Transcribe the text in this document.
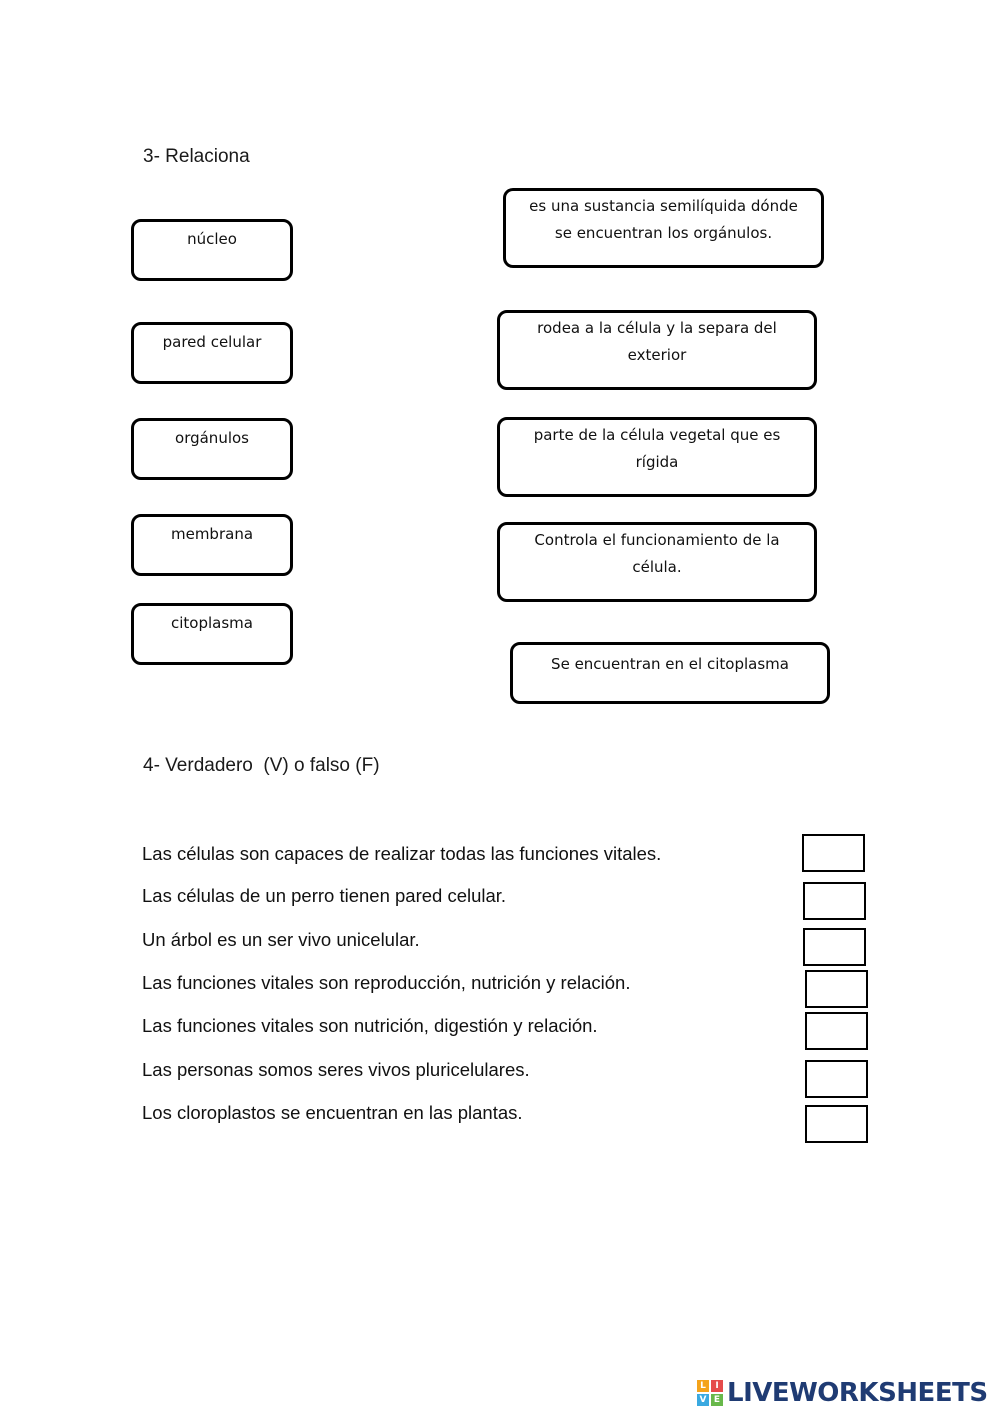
3- Relaciona
núcleo
pared celular
orgánulos
membrana
citoplasma
es una sustancia semilíquida dónde se encuentran los orgánulos.
rodea a la célula y la separa del exterior
parte de la célula vegetal que es rígida
Controla el funcionamiento de la célula.
Se encuentran en el citoplasma
4- Verdadero  (V) o falso (F)
Las células son capaces de realizar todas las funciones vitales.
Las células de un perro tienen pared celular.
Un árbol es un ser vivo unicelular.
Las funciones vitales son reproducción, nutrición y relación.
Las funciones vitales son nutrición, digestión y relación.
Las personas somos seres vivos pluricelulares.
Los cloroplastos se encuentran en las plantas.
L	I
V E LIVEWORKSHEETS
